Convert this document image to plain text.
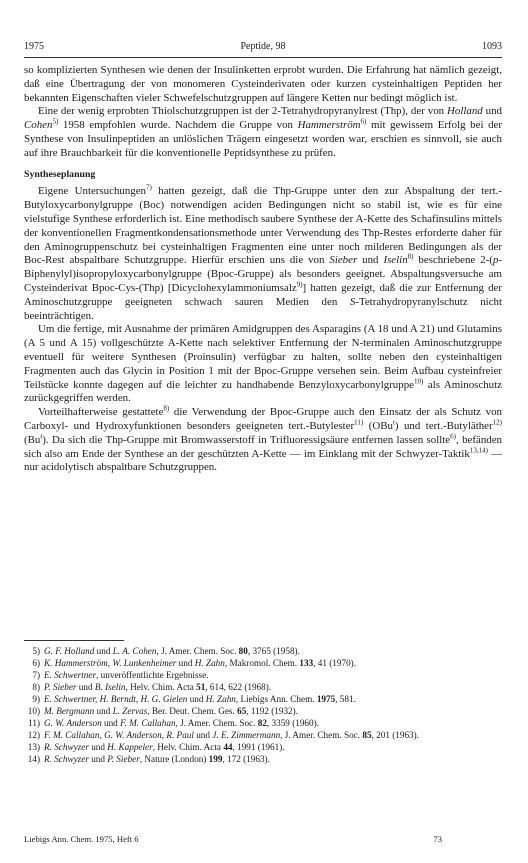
1975	Peptide, 98	1093

so komplizierten Synthesen wie denen der Insulinketten erprobt wurden. Die Erfahrung hat nämlich gezeigt, daß eine Übertragung der von monomeren Cysteinderivaten oder kurzen cysteinhaltigen Peptiden her bekannten Eigenschaften vieler Schwefelschutzgruppen auf längere Ketten nur bedingt möglich ist.

Eine der wenig erprobten Thiolschutzgruppen ist der 2-Tetrahydropyranylrest (Thp), der von Holland und Cohen$^{5)}$ 1958 empfohlen wurde. Nachdem die Gruppe von Hammerström$^{6)}$ mit gewissem Erfolg bei der Synthese von Insulinpeptiden an unlöslichen Trägern eingesetzt worden war, erschien es sinnvoll, sie auch auf ihre Brauchbarkeit für die konventionelle Peptidsynthese zu prüfen.

Syntheseplanung

Eigene Untersuchungen$^{7)}$ hatten gezeigt, daß die Thp-Gruppe unter den zur Abspaltung der tert.-Butyloxycarbonylgruppe (Boc) notwendigen aciden Bedingungen nicht so stabil ist, wie es für eine vielstufige Synthese erforderlich ist. Eine methodisch saubere Synthese der A-Kette des Schafinsulins mittels der konventionellen Fragmentkondensationsmethode unter Verwendung des Thp-Restes erforderte daher für den Aminogruppenschutz bei cysteinhaltigen Fragmenten eine unter noch milderen Bedingungen als der Boc-Rest abspaltbare Schutzgruppe. Hierfür erschien uns die von Sieber und Iselin$^{8)}$ beschriebene 2-(p-Biphenylyl)isopropyloxycarbonylgruppe (Bpoc-Gruppe) als besonders geeignet. Abspaltungsversuche am Cysteinderivat Bpoc-Cys-(Thp) [Dicyclohexylammoniumsalz$^{9)}$] hatten gezeigt, daß die zur Entfernung der Aminoschutzgruppe geeigneten schwach sauren Medien den S-Tetrahydropyranylschutz nicht beeinträchtigen.

Um die fertige, mit Ausnahme der primären Amidgruppen des Asparagins (A 18 und A 21) und Glutamins (A 5 und A 15) vollgeschützte A-Kette nach selektiver Entfernung der N-terminalen Aminoschutzgruppe eventuell für weitere Synthesen (Proinsulin) verfügbar zu halten, sollte neben den cysteinhaltigen Fragmenten auch das Glycin in Position 1 mit der Bpoc-Gruppe versehen sein. Beim Aufbau cysteinfreier Teilstücke konnte dagegen auf die leichter zu handhabende Benzyloxycarbonylgruppe$^{10)}$ als Aminoschutz zurückgegriffen werden.

Vorteilhafterweise gestattete$^{8)}$ die Verwendung der Bpoc-Gruppe auch den Einsatz der als Schutz von Carboxyl- und Hydroxyfunktionen besonders geeigneten tert.-Butylester$^{11)}$ (OBu$^t$) und tert.-Butyläther$^{12)}$ (Bu$^t$). Da sich die Thp-Gruppe mit Bromwasserstoff in Trifluoressigsäure entfernen lassen sollte$^{6)}$, befänden sich also am Ende der Synthese an der geschützten A-Kette — im Einklang mit der Schwyzer-Taktik$^{13,14)}$ — nur acidolytisch abspaltbare Schutzgruppen.

5) G. F. Holland und L. A. Cohen, J. Amer. Chem. Soc. 80, 3765 (1958).
6) K. Hammerström, W. Lunkenheimer und H. Zahn, Makromol. Chem. 133, 41 (1970).
7) E. Schwertner, unveröffentlichte Ergebnisse.
8) P. Sieber und B. Iselin, Helv. Chim. Acta 51, 614, 622 (1968).
9) E. Schwertner, H. Berndt, H. G. Gielen und H. Zahn, Liebigs Ann. Chem. 1975, 581.
10) M. Bergmann und L. Zervas, Ber. Deut. Chem. Ges. 65, 1192 (1932).
11) G. W. Anderson und F. M. Callahan, J. Amer. Chem. Soc. 82, 3359 (1960).
12) F. M. Callahan, G. W. Anderson, R. Paul und J. E. Zimmermann, J. Amer. Chem. Soc. 85, 201 (1963).
13) R. Schwyzer und H. Kappeler, Helv. Chim. Acta 44, 1991 (1961).
14) R. Schwyzer und P. Sieber, Nature (London) 199, 172 (1963).
Liebigs Ann. Chem. 1975, Heft 6	73
